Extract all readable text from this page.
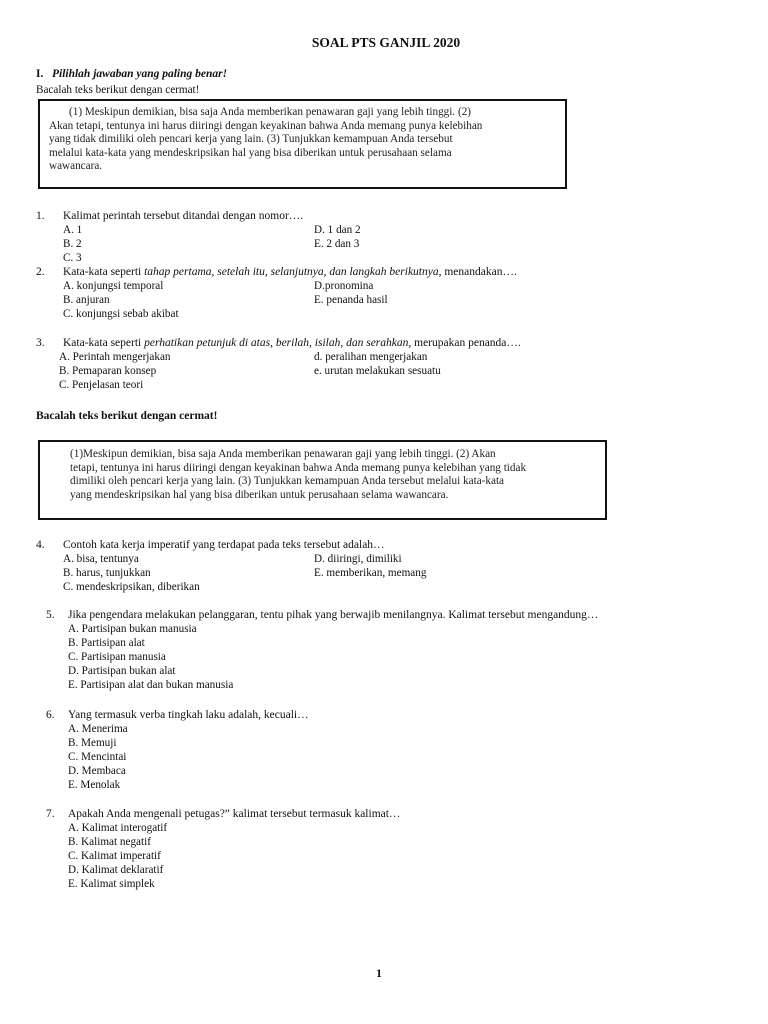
SOAL PTS GANJIL 2020
I. Pilihlah jawaban yang paling benar!
Bacalah teks berikut dengan cermat!
(1) Meskipun demikian, bisa saja Anda memberikan penawaran gaji yang lebih tinggi. (2)
Akan tetapi, tentunya ini harus diiringi dengan keyakinan bahwa Anda memang punya kelebihan
yang tidak dimiliki oleh pencari kerja yang lain. (3) Tunjukkan kemampuan Anda tersebut
melalui kata-kata yang mendeskripsikan hal yang bisa diberikan untuk perusahaan selama
wawancara.
1. Kalimat perintah tersebut ditandai dengan nomor….
A. 1
B. 2
C. 3
D. 1 dan 2
E. 2 dan 3
2. Kata-kata seperti tahap pertama, setelah itu, selanjutnya, dan langkah berikutnya, menandakan….
A. konjungsi temporal
B. anjuran
C. konjungsi sebab akibat
D.pronomina
E. penanda hasil
3. Kata-kata seperti perhatikan petunjuk di atas, berilah, isilah, dan serahkan, merupakan penanda….
A. Perintah mengerjakan
B. Pemaparan konsep
C. Penjelasan teori
d. peralihan mengerjakan
e. urutan melakukan sesuatu
Bacalah teks berikut dengan cermat!
(1)Meskipun demikian, bisa saja Anda memberikan penawaran gaji yang lebih tinggi. (2) Akan
tetapi, tentunya ini harus diiringi dengan keyakinan bahwa Anda memang punya kelebihan yang tidak
dimiliki oleh pencari kerja yang lain. (3) Tunjukkan kemampuan Anda tersebut melalui kata-kata
yang mendeskripsikan hal yang bisa diberikan untuk perusahaan selama wawancara.
4. Contoh kata kerja imperatif yang terdapat pada teks tersebut adalah…
A. bisa, tentunya
B. harus, tunjukkan
C. mendeskripsikan, diberikan
D. diiringi, dimiliki
E. memberikan, memang
5. Jika pengendara melakukan pelanggaran, tentu pihak yang berwajib menilangnya. Kalimat tersebut mengandung…
A. Partisipan bukan manusia
B. Partisipan alat
C. Partisipan manusia
D. Partisipan bukan alat
E. Partisipan alat dan bukan manusia
6. Yang termasuk verba tingkah laku adalah, kecuali…
A. Menerima
B. Memuji
C. Mencintai
D. Membaca
E. Menolak
7. Apakah Anda mengenali petugas?” kalimat tersebut termasuk kalimat…
A. Kalimat interogatif
B. Kalimat negatif
C. Kalimat imperatif
D. Kalimat deklaratif
E. Kalimat simplek
1
